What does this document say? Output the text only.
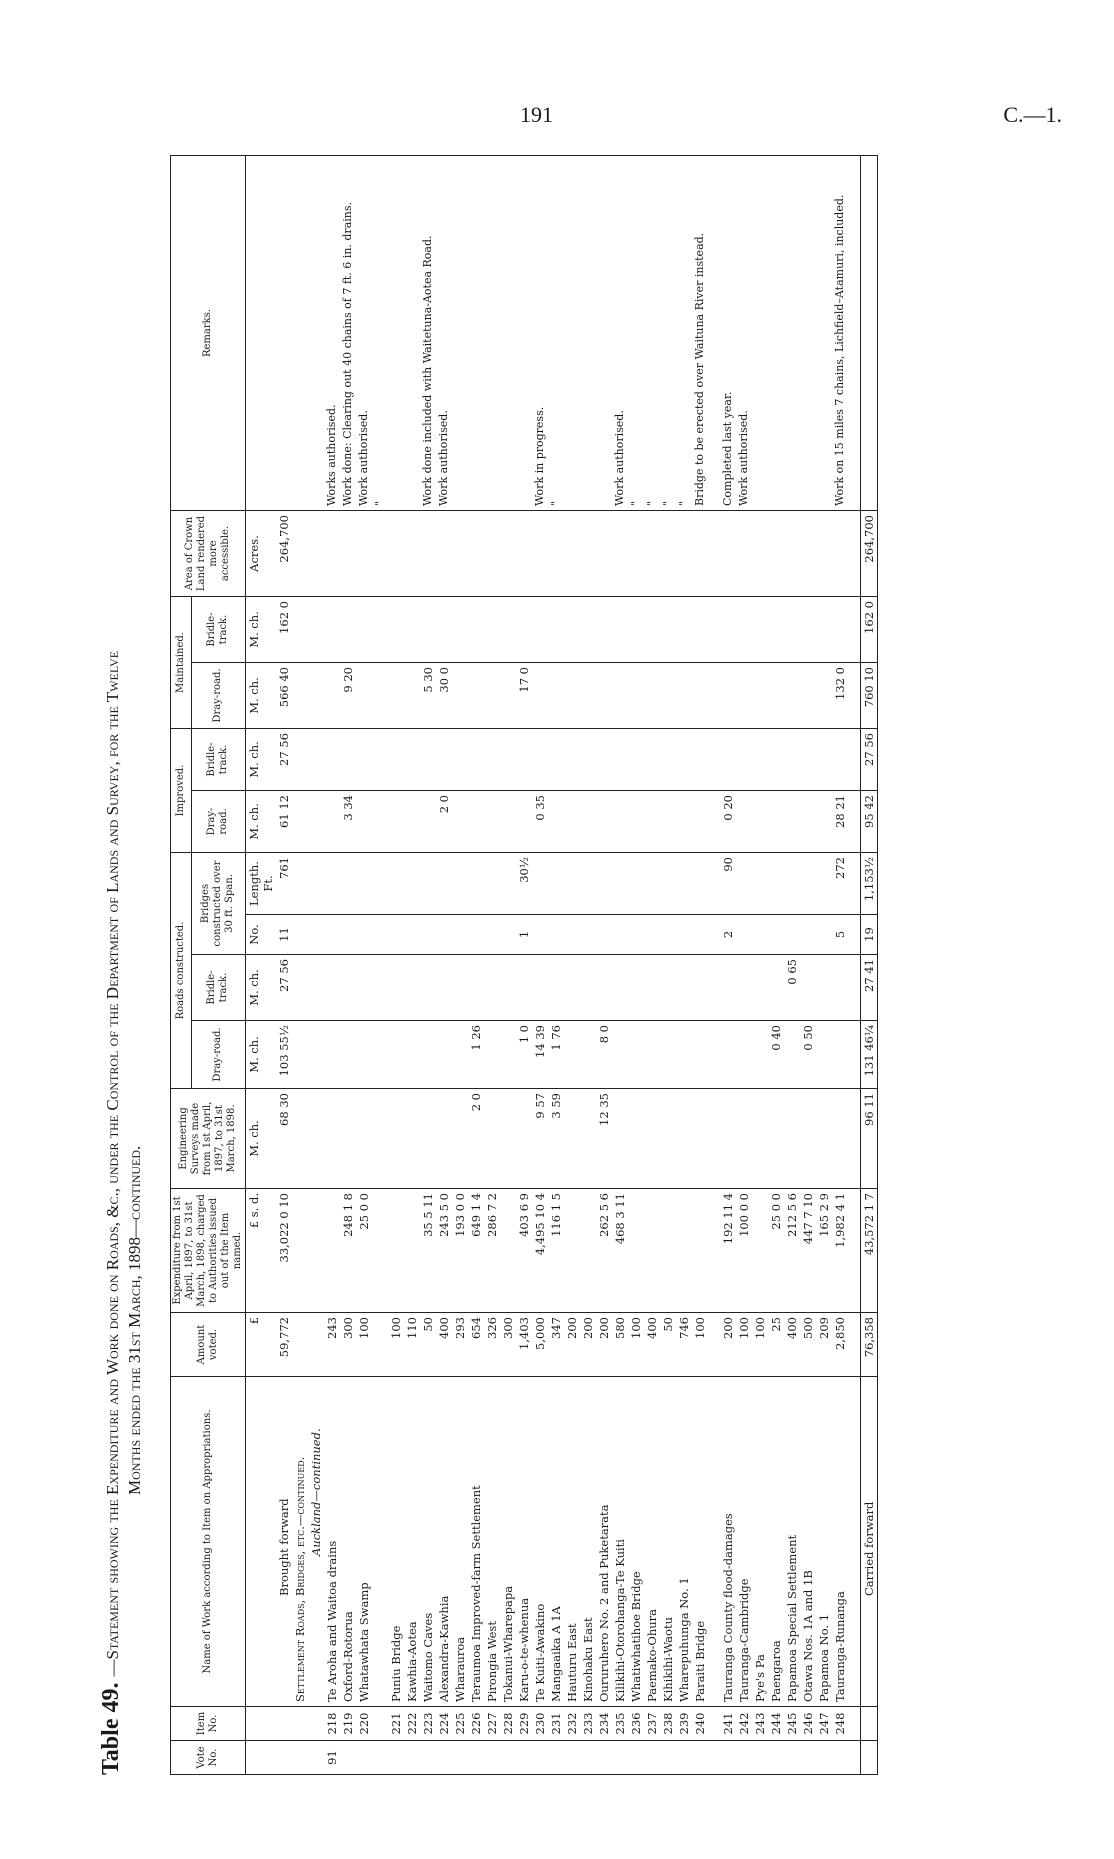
191	C.—1.
Table 49.—Statement showing the Expenditure and Work done on Roads, &c., under the Control of the Department of Lands and Survey, for the Twelve Months ended the 31st March, 1898—continued.
Vote No.	Item No.	Name of Work according to Item on Appropriations.	Amount voted.	Expenditure from 1st April, 1897, to 31st March, 1898, charged to Authorities issued out of the Item named.	Engineering Surveys made from 1st April, 1897, to 31st March, 1898.	Roads constructed.				Improved.		Maintained.		Area of Crown Land rendered more accessible.	Remarks.
						Dray-road.	Bridle-track.	Bridges constructed over 30 ft. Span.		Dray-road.	Bridle-track.	Dray-road.	Bridle-track.		
			£	£ s. d.	M. ch.	M. ch.	M. ch.	No.	Length. Ft.	M. ch.	M. ch.	M. ch.	M. ch.	Acres.	
		Brought forward	59,772	33,022 0 10	68 30	103 55½	27 56	11	761	61 12	27 56	566 40	162 0	264,700	
		Settlement Roads, Bridges, etc.—continued.													
		Auckland—continued.													
91	218	Te Aroha and Waitoa drains	243												Works authorised.
	219	Oxford-Rotorua	300	248 1 8						3 34		9 20			Work done: Clearing out 40 chains of 7 ft. 6 in. drains.
	220	Whatawhata Swamp	100	25 0 0											Work authorised.
															"
	221	Puniu Bridge	100												
	222	Kawhia-Aotea	110												
	223	Waitomo Caves	50	35 5 11								5 30			Work done included with Waitetuna-Aotea Road.
	224	Alexandra-Kawhia	400	243 5 0						2 0		30 0			Work authorised.
	225	Wharauroa	293	193 0 0											
	226	Teraumoa Improved-farm Settlement	654	649 1 4	2 0	1 26									
	227	Pirongia West	326	286 7 2											
	228	Tokanui-Wharepapa	300												
	229	Karu-o-te-whenua	1,403	403 6 9		1 0		1	30½			17 0			
	230	Te Kuiti-Awakino	5,000	4,495 10 4	9 57	14 39				0 35					Work in progress.
	231	Mangaaika A 1A	347	116 1 5	3 59	1 76									"
	232	Hauturu East	200												
	233	Kinohaku East	200												
	234	Oururuhero No. 2 and Puketarata	200	262 5 6	12 35	8 0									
	235	Kilikihi-Otorohanga-Te Kuiti	580	468 3 11											Work authorised.
	236	Whatiwhatihoe Bridge	100												"
	237	Paemako-Ohura	400												"
	238	Kihikihi-Waotu	50												"
	239	Wharepuhunga No. 1	746												"
	240	Paraiti Bridge	100												Bridge to be erected over Waituna River instead.

	241	Tauranga County flood-damages	200	192 11 4				2	90	0 20					Completed last year.
	242	Tauranga-Cambridge	100	100 0 0											Work authorised.
	243	Pye's Pa	100												
	244	Paengaroa	25	25 0 0		0 40									
	245	Papamoa Special Settlement	400	212 5 6			0 65								
	246	Otawa Nos. 1A and 1B	500	447 7 10		0 50									
	247	Papamoa No. 1	209	165 2 9											
	248	Tauranga-Runanga	2,850	1,982 4 1				5	272	28 21		132 0			Work on 15 miles 7 chains, Lichfield–Atamuri, included.

		Carried forward	76,358	43,572 1 7	96 11	131 46¼	27 41	19	1,153½	95 42	27 56	760 10	162 0	264,700	
